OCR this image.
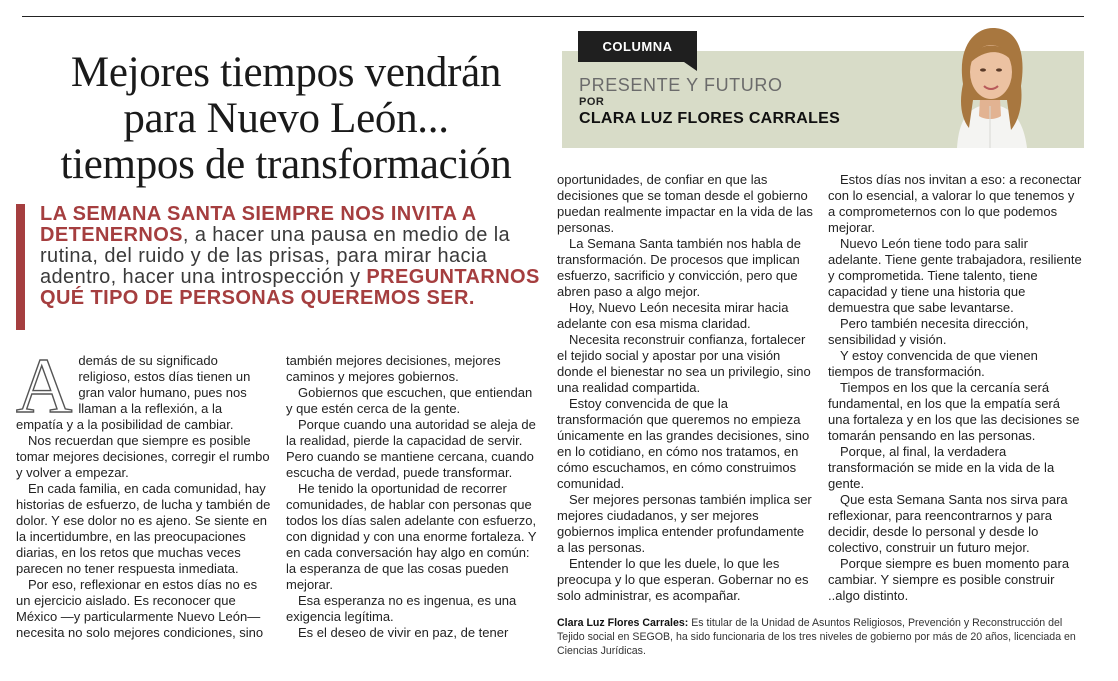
Mejores tiempos vendrán
para Nuevo León...
tiempos de transformación
LA SEMANA SANTA SIEMPRE NOS INVITA A DETENERNOS, a hacer una pausa en medio de la rutina, del ruido y de las prisas, para mirar hacia adentro, hacer una introspección y PREGUNTARNOS QUÉ TIPO DE PERSONAS QUEREMOS SER.
COLUMNA
PRESENTE Y FUTURO
POR
CLARA LUZ FLORES CARRALES

Además de su significado religioso, estos días tienen un gran valor humano, pues nos llaman a la reflexión, a la empatía y a la posibilidad de cambiar.

Nos recuerdan que siempre es posible tomar mejores decisiones, corregir el rumbo y volver a empezar.

En cada familia, en cada comunidad, hay historias de esfuerzo, de lucha y también de dolor. Y ese dolor no es ajeno. Se siente en la incertidumbre, en las preocupaciones diarias, en los retos que muchas veces parecen no tener respuesta inmediata.

Por eso, reflexionar en estos días no es un ejercicio aislado. Es reconocer que México —y particularmente Nuevo León— necesita no solo mejores condiciones, sino

también mejores decisiones, mejores caminos y mejores gobiernos.

Gobiernos que escuchen, que entiendan y que estén cerca de la gente.

Porque cuando una autoridad se aleja de la realidad, pierde la capacidad de servir. Pero cuando se mantiene cercana, cuando escucha de verdad, puede transformar.

He tenido la oportunidad de recorrer comunidades, de hablar con personas que todos los días salen adelante con esfuerzo, con dignidad y con una enorme fortaleza. Y en cada conversación hay algo en común: la esperanza de que las cosas pueden mejorar.

Esa esperanza no es ingenua, es una exigencia legítima.

Es el deseo de vivir en paz, de tener

oportunidades, de confiar en que las decisiones que se toman desde el gobierno puedan realmente impactar en la vida de las personas.

La Semana Santa también nos habla de transformación. De procesos que implican esfuerzo, sacrificio y convicción, pero que abren paso a algo mejor.

Hoy, Nuevo León necesita mirar hacia adelante con esa misma claridad.

Necesita reconstruir confianza, fortalecer el tejido social y apostar por una visión donde el bienestar no sea un privilegio, sino una realidad compartida.

Estoy convencida de que la transformación que queremos no empieza únicamente en las grandes decisiones, sino en lo cotidiano, en cómo nos tratamos, en cómo escuchamos, en cómo construimos comunidad.

Ser mejores personas también implica ser mejores ciudadanos, y ser mejores gobiernos implica entender profundamente a las personas.

Entender lo que les duele, lo que les preocupa y lo que esperan. Gobernar no es solo administrar, es acompañar.

Estos días nos invitan a eso: a reconectar con lo esencial, a valorar lo que tenemos y a comprometernos con lo que podemos mejorar.

Nuevo León tiene todo para salir adelante. Tiene gente trabajadora, resiliente y comprometida. Tiene talento, tiene capacidad y tiene una historia que demuestra que sabe levantarse.

Pero también necesita dirección, sensibilidad y visión.

Y estoy convencida de que vienen tiempos de transformación.

Tiempos en los que la cercanía será fundamental, en los que la empatía será una fortaleza y en los que las decisiones se tomarán pensando en las personas.

Porque, al final, la verdadera transformación se mide en la vida de la gente.

Que esta Semana Santa nos sirva para reflexionar, para reencontrarnos y para decidir, desde lo personal y desde lo colectivo, construir un futuro mejor.

Porque siempre es buen momento para cambiar. Y siempre es posible construir ..algo distinto.

Clara Luz Flores Carrales: Es titular de la Unidad de Asuntos Religiosos, Prevención y Reconstrucción del Tejido social en SEGOB, ha sido funcionaria de los tres niveles de gobierno por más de 20 años, licenciada en Ciencias Jurídicas.
